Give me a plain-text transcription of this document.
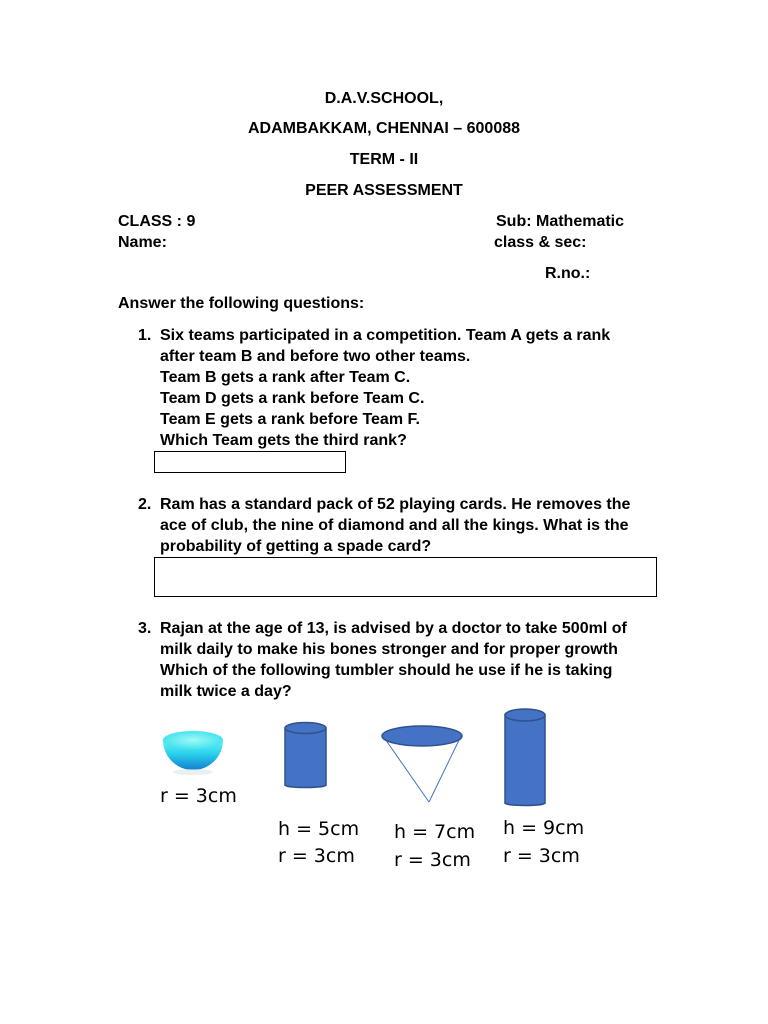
D.A.V.SCHOOL,
ADAMBAKKAM, CHENNAI – 600088
TERM - II
PEER ASSESSMENT
CLASS : 9	Sub: Mathematic
Name:	class & sec:
R.no.:
Answer the following questions:
1. Six teams participated in a competition. Team A gets a rank
after team B and before two other teams.
Team B gets a rank after Team C.
Team D gets a rank before Team C.
Team E gets a rank before Team F.
Which Team gets the third rank?
2. Ram has a standard pack of 52 playing cards. He removes the
ace of club, the nine of diamond and all the kings. What is the
probability of getting a spade card?
3. Rajan at the age of 13, is advised by a doctor to take 500ml of
milk daily to make his bones stronger and for proper growth
Which of the following tumbler should he use if he is taking
milk twice a day?
r = 3cm
h = 5cm
r = 3cm
h = 7cm
r = 3cm
h = 9cm
r = 3cm
